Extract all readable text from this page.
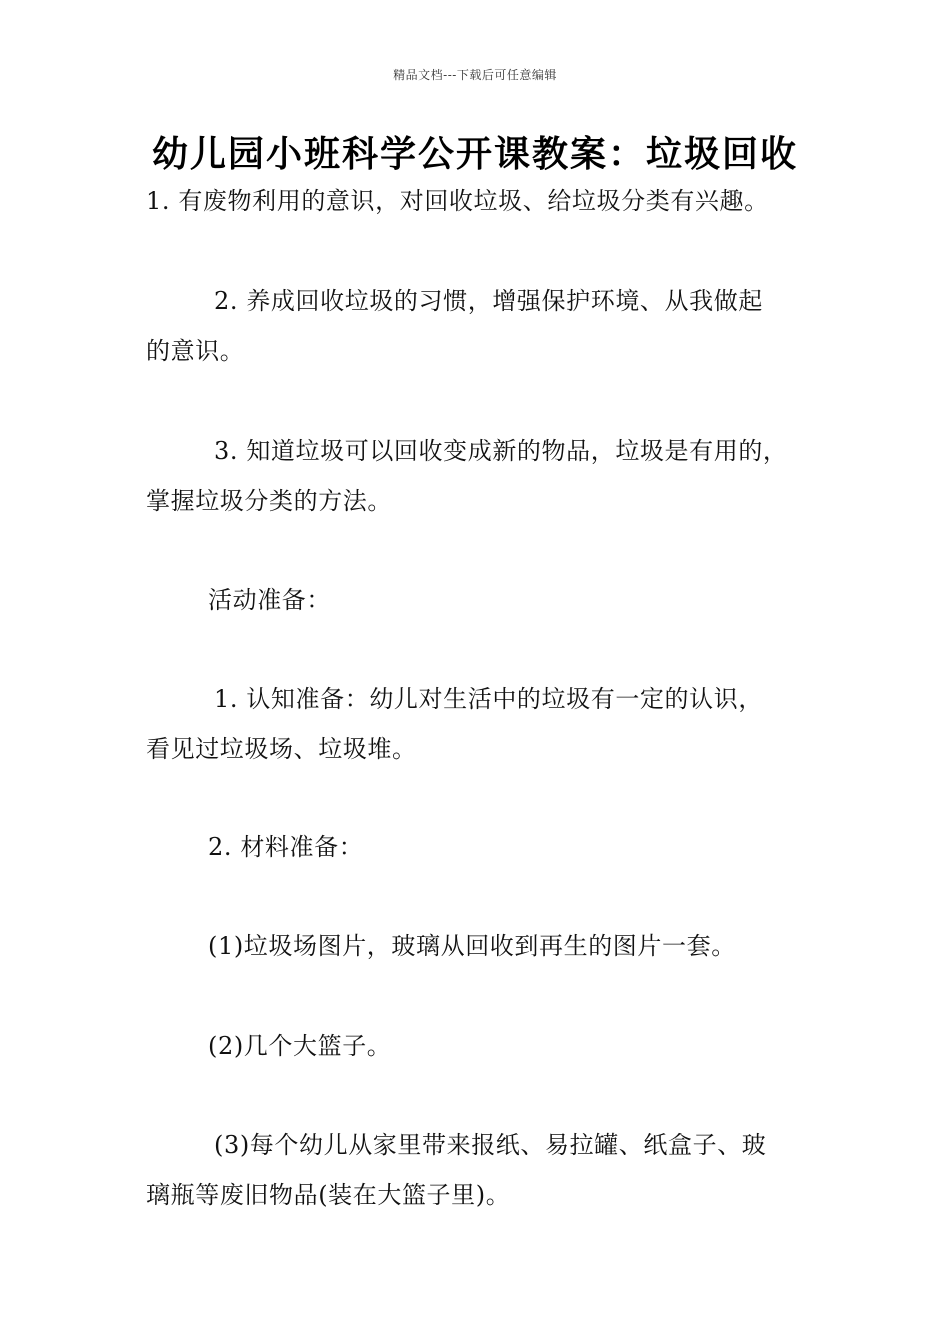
精品文档---下载后可任意编辑
幼儿园小班科学公开课教案：垃圾回收
1. 有废物利用的意识，对回收垃圾、给垃圾分类有兴趣。
2. 养成回收垃圾的习惯，增强保护环境、从我做起
的意识。
3. 知道垃圾可以回收变成新的物品，垃圾是有用的，
掌握垃圾分类的方法。
活动准备：
1. 认知准备：幼儿对生活中的垃圾有一定的认识，
看见过垃圾场、垃圾堆。
2. 材料准备：
(1)垃圾场图片，玻璃从回收到再生的图片一套。
(2)几个大篮子。
(3)每个幼儿从家里带来报纸、易拉罐、纸盒子、玻
璃瓶等废旧物品(装在大篮子里)。
